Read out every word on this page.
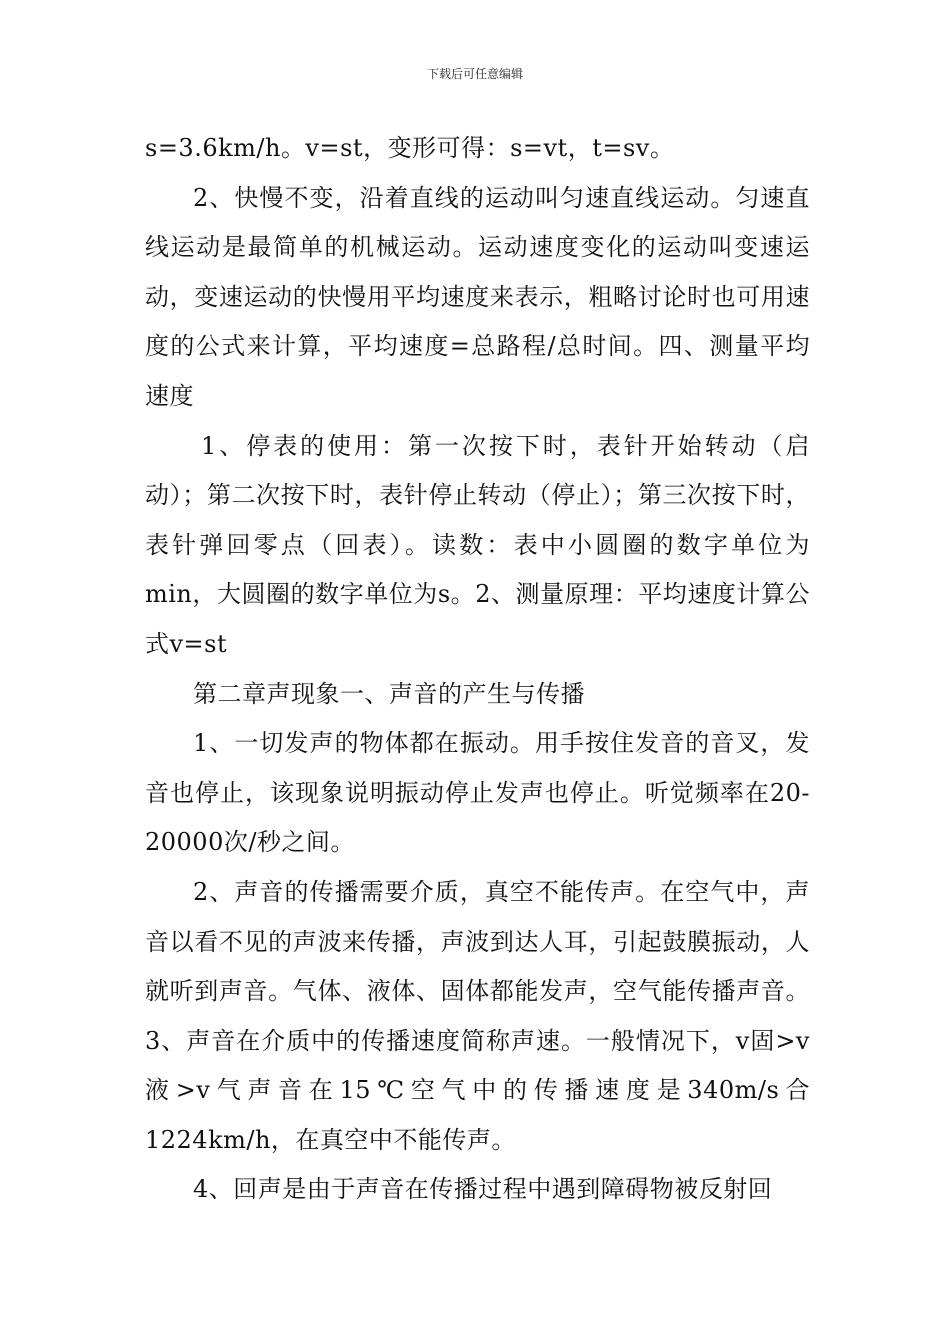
下载后可任意编辑

s=3.6km/h。v=st，变形可得：s=vt，t=sv。

2、快慢不变，沿着直线的运动叫匀速直线运动。匀速直线运动是最简单的机械运动。运动速度变化的运动叫变速运动，变速运动的快慢用平均速度来表示，粗略讨论时也可用速度的公式来计算，平均速度=总路程/总时间。四、测量平均速度

1、停表的使用：第一次按下时，表针开始转动（启动）；第二次按下时，表针停止转动（停止）；第三次按下时，表针弹回零点（回表）。读数：表中小圆圈的数字单位为min，大圆圈的数字单位为s。2、测量原理：平均速度计算公式v=st

第二章声现象一、声音的产生与传播

1、一切发声的物体都在振动。用手按住发音的音叉，发音也停止，该现象说明振动停止发声也停止。听觉频率在20-20000次/秒之间。

2、声音的传播需要介质，真空不能传声。在空气中，声音以看不见的声波来传播，声波到达人耳，引起鼓膜振动，人就听到声音。气体、液体、固体都能发声，空气能传播声音。3、声音在介质中的传播速度简称声速。一般情况下，v固>v液>v气声音在15℃空气中的传播速度是340m/s合1224km/h，在真空中不能传声。

4、回声是由于声音在传播过程中遇到障碍物被反射回
